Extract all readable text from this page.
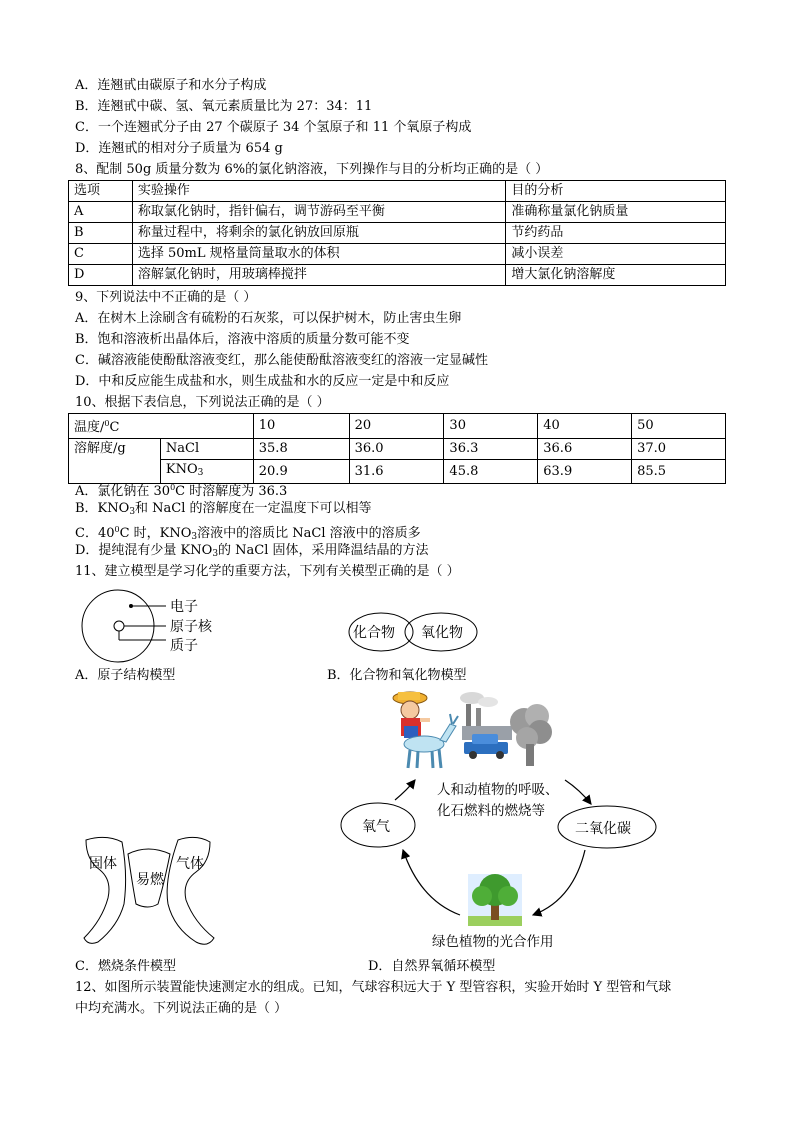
A．连翘甙由碳原子和水分子构成
B．连翘甙中碳、氢、氧元素质量比为 27：34：11
C．一个连翘甙分子由 27 个碳原子 34 个氢原子和 11 个氧原子构成
D．连翘甙的相对分子质量为 654 g
8、配制 50g 质量分数为 6%的氯化钠溶液，下列操作与目的分析均正确的是（ ）
选项	实验操作	目的分析
A	称取氯化钠时，指针偏右，调节游码至平衡	准确称量氯化钠质量
B	称量过程中，将剩余的氯化钠放回原瓶	节约药品
C	选择 50mL 规格量筒量取水的体积	减小误差
D	溶解氯化钠时，用玻璃棒搅拌	增大氯化钠溶解度
9、下列说法中不正确的是（ ）
A．在树木上涂刷含有硫粉的石灰浆，可以保护树木，防止害虫生卵
B．饱和溶液析出晶体后，溶液中溶质的质量分数可能不变
C．碱溶液能使酚酞溶液变红，那么能使酚酞溶液变红的溶液一定显碱性
D．中和反应能生成盐和水，则生成盐和水的反应一定是中和反应
10、根据下表信息，下列说法正确的是（ ）
温度/$^0$C		10	20	30	40	50
溶解度/g	NaCl	35.8	36.0	36.3	36.6	37.0
	$KNO_3$	20.9	31.6	45.8	63.9	85.5
A．氯化钠在 $30^0C$ 时溶解度为 36.3
B．$KNO_3$和 NaCl 的溶解度在一定温度下可以相等
C．$40^0C$ 时，$KNO_3$溶液中的溶质比 NaCl 溶液中的溶质多
D．提纯混有少量 $KNO_3$的 NaCl 固体，采用降温结晶的方法
11、建立模型是学习化学的重要方法，下列有关模型正确的是（ ）
电子
原子核
质子
A．原子结构模型
化合物 氧化物
B．化合物和氧化物模型
人和动植物的呼吸、
化石燃料的燃烧等
氧气	二氧化碳
绿色植物的光合作用
D．自然界氧循环模型
固体	气体
易燃
C．燃烧条件模型
12、如图所示装置能快速测定水的组成。已知，气球容积远大于 Y 型管容积，实验开始时 Y 型管和气球
中均充满水。下列说法正确的是（ ）
